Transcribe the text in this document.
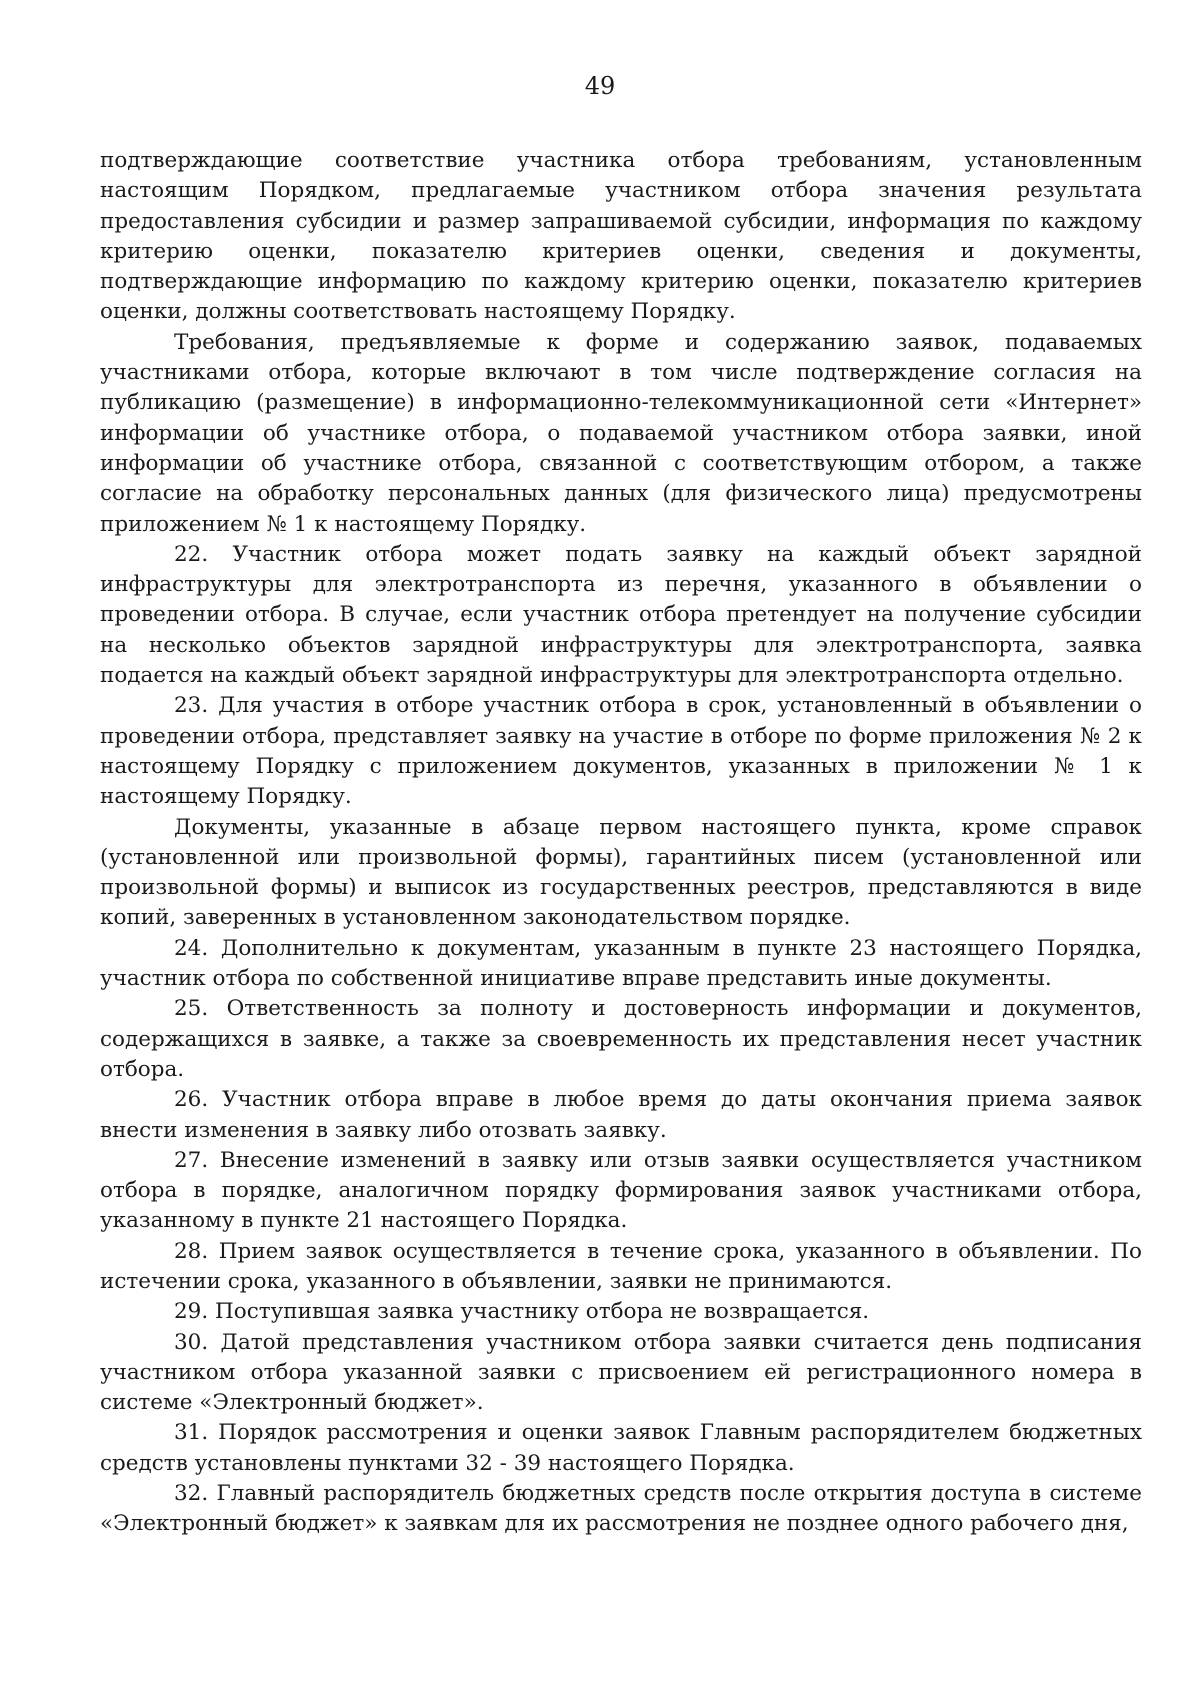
49

подтверждающие соответствие участника отбора требованиям, установленным настоящим Порядком, предлагаемые участником отбора значения результата предоставления субсидии и размер запрашиваемой субсидии, информация по каждому критерию оценки, показателю критериев оценки, сведения и документы, подтверждающие информацию по каждому критерию оценки, показателю критериев оценки, должны соответствовать настоящему Порядку.

Требования, предъявляемые к форме и содержанию заявок, подаваемых участниками отбора, которые включают в том числе подтверждение согласия на публикацию (размещение) в информационно-телекоммуникационной сети «Интернет» информации об участнике отбора, о подаваемой участником отбора заявки, иной информации об участнике отбора, связанной с соответствующим отбором, а также согласие на обработку персональных данных (для физического лица) предусмотрены приложением № 1 к настоящему Порядку.

22. Участник отбора может подать заявку на каждый объект зарядной инфраструктуры для электротранспорта из перечня, указанного в объявлении о проведении отбора. В случае, если участник отбора претендует на получение субсидии на несколько объектов зарядной инфраструктуры для электротранспорта, заявка подается на каждый объект зарядной инфраструктуры для электротранспорта отдельно.

23. Для участия в отборе участник отбора в срок, установленный в объявлении о проведении отбора, представляет заявку на участие в отборе по форме приложения № 2 к настоящему Порядку с приложением документов, указанных в приложении № 1 к настоящему Порядку.

Документы, указанные в абзаце первом настоящего пункта, кроме справок (установленной или произвольной формы), гарантийных писем (установленной или произвольной формы) и выписок из государственных реестров, представляются в виде копий, заверенных в установленном законодательством порядке.

24. Дополнительно к документам, указанным в пункте 23 настоящего Порядка, участник отбора по собственной инициативе вправе представить иные документы.

25. Ответственность за полноту и достоверность информации и документов, содержащихся в заявке, а также за своевременность их представления несет участник отбора.

26. Участник отбора вправе в любое время до даты окончания приема заявок внести изменения в заявку либо отозвать заявку.

27. Внесение изменений в заявку или отзыв заявки осуществляется участником отбора в порядке, аналогичном порядку формирования заявок участниками отбора, указанному в пункте 21 настоящего Порядка.

28. Прием заявок осуществляется в течение срока, указанного в объявлении. По истечении срока, указанного в объявлении, заявки не принимаются.

29. Поступившая заявка участнику отбора не возвращается.

30. Датой представления участником отбора заявки считается день подписания участником отбора указанной заявки с присвоением ей регистрационного номера в системе «Электронный бюджет».

31. Порядок рассмотрения и оценки заявок Главным распорядителем бюджетных средств установлены пунктами 32 - 39 настоящего Порядка.

32. Главный распорядитель бюджетных средств после открытия доступа в системе «Электронный бюджет» к заявкам для их рассмотрения не позднее одного рабочего дня,
